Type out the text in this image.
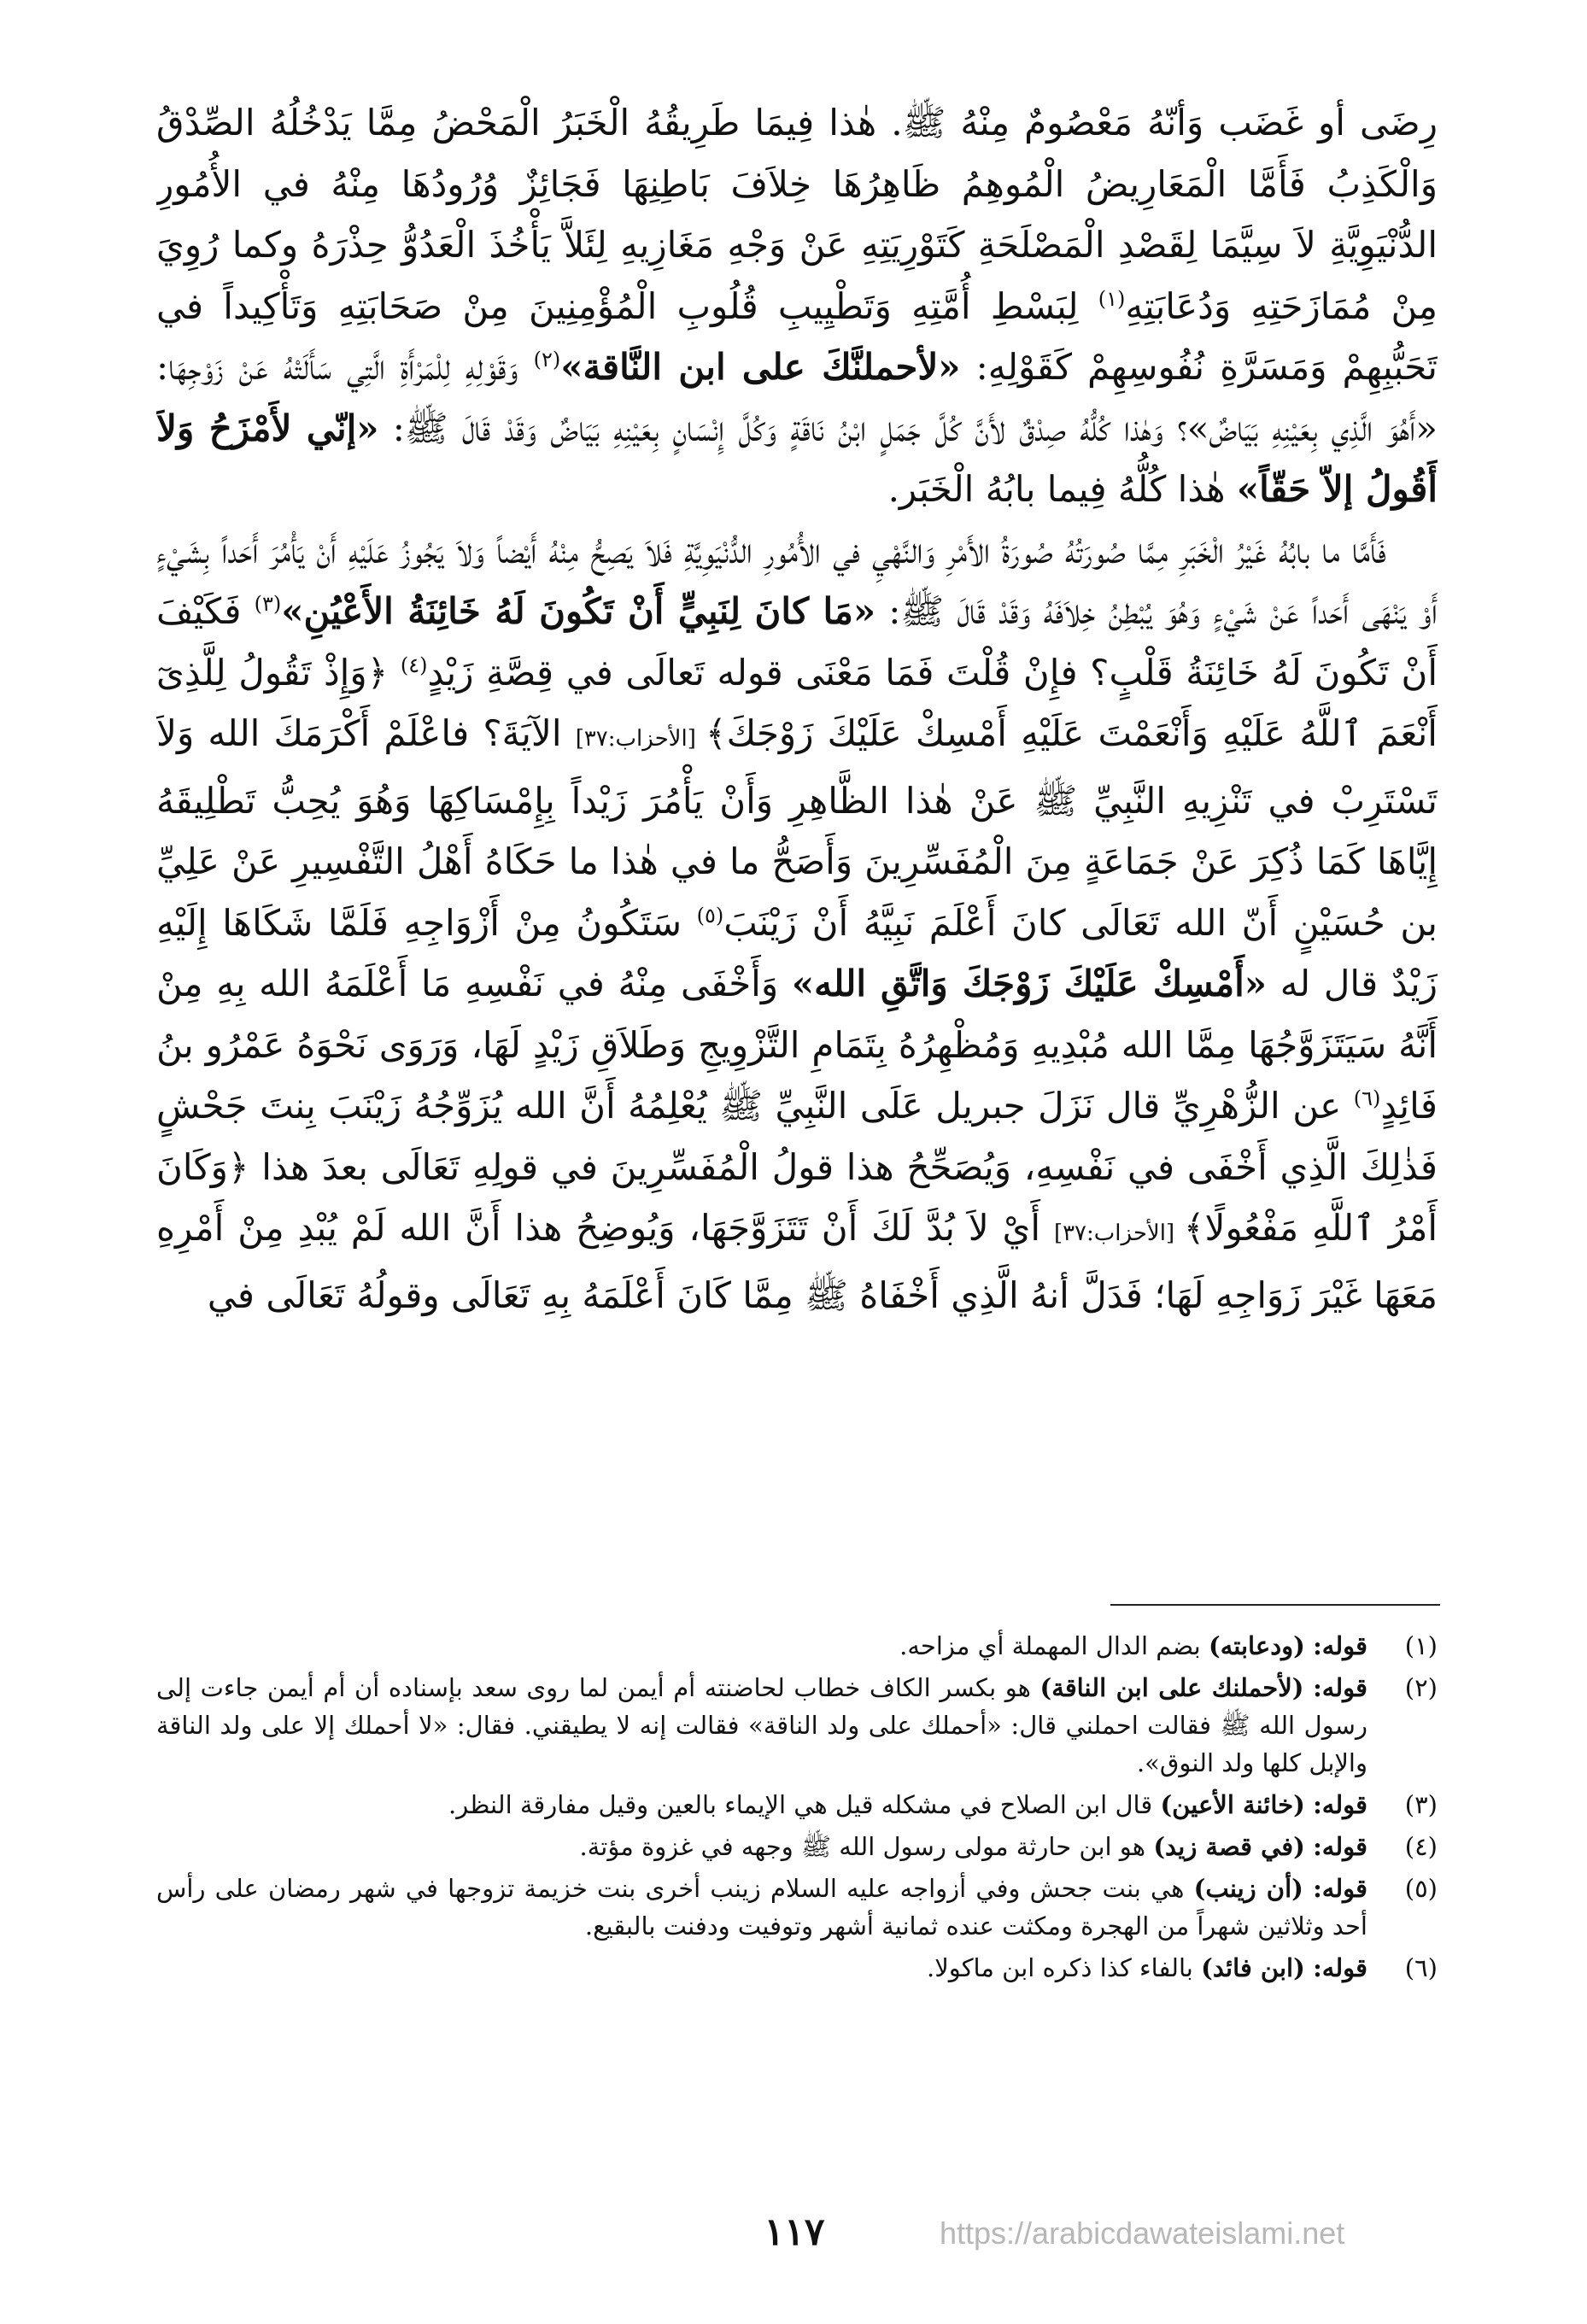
رِضَى أو غَضَب وَأنّهُ مَعْصُومٌ مِنْهُ ﷺ. هٰذا فِيمَا طَرِيقُهُ الْخَبَرُ الْمَحْضُ مِمَّا يَدْخُلُهُ الصِّدْقُ وَالْكَذِبُ فَأَمَّا الْمَعَارِيضُ الْمُوهِمُ ظَاهِرُهَا خِلاَفَ بَاطِنِهَا فَجَائِزٌ وُرُودُهَا مِنْهُ في الأُمُورِ الدُّنْيَوِيَّةِ لاَ سِيَّمَا لِقَصْدِ الْمَصْلَحَةِ كَتَوْرِيَتِهِ عَنْ وَجْهِ مَغَازِيهِ لِئَلاَّ يَأْخُذَ الْعَدُوُّ حِذْرَهُ وكما رُوِيَ مِنْ مُمَازَحَتِهِ وَدُعَابَتِهِ$^{(١)}$ لِبَسْطِ أُمَّتِهِ وَتَطْيِيبِ قُلُوبِ الْمُؤْمِنِينَ مِنْ صَحَابَتِهِ وَتَأْكِيداً في تَحَبُّبِهِمْ وَمَسَرَّةِ نُفُوسِهِمْ كَقَوْلِهِ: «لأحملنَّكَ على ابن النَّاقة»$^{(٢)}$ وَقَوْلِهِ لِلْمَرْأَةِ الَّتِي سَأَلَتْهُ عَنْ زَوْجِهَا: «أَهُوَ الَّذِي بِعَيْنِهِ بَيَاضٌ»؟ وَهٰذا كُلُّهُ صِدْقٌ لأَنَّ كُلَّ جَمَلٍ ابْنُ نَاقَةٍ وَكُلَّ إِنْسَانٍ بِعَيْنِهِ بَيَاضٌ وَقَدْ قَالَ ﷺ: «إنّي لأَمْزَحُ وَلاَ أَقُولُ إلاّ حَقّاً» هٰذا كُلُّهُ فِيما بابُهُ الْخَبَر.

فَأَمَّا ما بابُهُ غَيْرُ الْخَبَرِ مِمَّا صُورَتُهُ صُورَةُ الأَمْرِ وَالنَّهْيِ في الأُمُورِ الدُّنْيَوِيَّةِ فَلاَ يَصِحُّ مِنْهُ أَيْضاً وَلاَ يَجُوزُ عَلَيْهِ أَنْ يَأْمُرَ أَحَداً بِشَيْءٍ أَوْ يَنْهَى أَحَداً عَنْ شَيْءٍ وَهُوَ يُبْطِنُ خِلاَفَهُ وَقَدْ قَالَ ﷺ: «مَا كانَ لِنَبِيٍّ أَنْ تَكُونَ لَهُ خَائِنَةُ الأَعْيُنِ»$^{(٣)}$ فَكَيْفَ أَنْ تَكُونَ لَهُ خَائِنَةُ قَلْبٍ؟ فإِنْ قُلْتَ فَمَا مَعْنَى قوله تَعالَى في قِصَّةِ زَيْدٍ$^{(٤)}$ ﴿وَإِذْ تَقُولُ لِلَّذِىٓ أَنْعَمَ ٱللَّهُ عَلَيْهِ وَأَنْعَمْتَ عَلَيْهِ أَمْسِكْ عَلَيْكَ زَوْجَكَ﴾ [الأحزاب:٣٧] الآيَةَ؟ فاعْلَمْ أَكْرَمَكَ الله وَلاَ تَسْتَرِبْ في تَنْزِيهِ النَّبِيِّ ﷺ عَنْ هٰذا الظَّاهِرِ وَأَنْ يَأْمُرَ زَيْداً بِإِمْسَاكِهَا وَهُوَ يُحِبُّ تَطْلِيقَهُ إِيَّاهَا كَمَا ذُكِرَ عَنْ جَمَاعَةٍ مِنَ الْمُفَسِّرِينَ وَأَصَحُّ ما في هٰذا ما حَكَاهُ أَهْلُ التَّفْسِيرِ عَنْ عَلِيِّ بن حُسَيْنٍ أَنّ الله تَعَالَى كانَ أَعْلَمَ نَبِيَّهُ أَنْ زَيْنَبَ$^{(٥)}$ سَتَكُونُ مِنْ أَزْوَاجِهِ فَلَمَّا شَكَاهَا إِلَيْهِ زَيْدٌ قال له «أَمْسِكْ عَلَيْكَ زَوْجَكَ وَاتَّقِ الله» وَأَخْفَى مِنْهُ في نَفْسِهِ مَا أَعْلَمَهُ الله بِهِ مِنْ أَنَّهُ سَيَتَزَوَّجُهَا مِمَّا الله مُبْدِيهِ وَمُظْهِرُهُ بِتَمَامِ التَّزْوِيجِ وَطَلاَقِ زَيْدٍ لَهَا، وَرَوَى نَحْوَهُ عَمْرُو بنُ فَائِدٍ$^{(٦)}$ عن الزُّهْرِيِّ قال نَزَلَ جبريل عَلَى النَّبِيِّ ﷺ يُعْلِمُهُ أَنَّ الله يُزَوِّجُهُ زَيْنَبَ بِنتَ جَحْشٍ فَذٰلِكَ الَّذِي أَخْفَى في نَفْسِهِ، وَيُصَحِّحُ هذا قولُ الْمُفَسِّرِينَ في قولِهِ تَعَالَى بعدَ هذا ﴿وَكَانَ أَمْرُ ٱللَّهِ مَفْعُولًا﴾ [الأحزاب:٣٧] أَيْ لاَ بُدَّ لَكَ أَنْ تَتَزَوَّجَهَا، وَيُوضِحُ هذا أَنَّ الله لَمْ يُبْدِ مِنْ أَمْرِهِ مَعَهَا غَيْرَ زَوَاجِهِ لَهَا؛ فَدَلَّ أنهُ الَّذِي أَخْفَاهُ ﷺ مِمَّا كَانَ أَعْلَمَهُ بِهِ تَعَالَى وقولُهُ تَعَالَى في

(١)
قوله: (ودعابته) بضم الدال المهملة أي مزاحه.
(٢)
قوله: (لأحملنك على ابن الناقة) هو بكسر الكاف خطاب لحاضنته أم أيمن لما روى سعد بإسناده أن أم أيمن جاءت إلى رسول الله ﷺ فقالت احملني قال: «أحملك على ولد الناقة» فقالت إنه لا يطيقني. فقال: «لا أحملك إلا على ولد الناقة والإبل كلها ولد النوق».
(٣)
قوله: (خائنة الأعين) قال ابن الصلاح في مشكله قيل هي الإيماء بالعين وقيل مفارقة النظر.
(٤)
قوله: (في قصة زيد) هو ابن حارثة مولى رسول الله ﷺ وجهه في غزوة مؤتة.
(٥)
قوله: (أن زينب) هي بنت جحش وفي أزواجه عليه السلام زينب أخرى بنت خزيمة تزوجها في شهر رمضان على رأس أحد وثلاثين شهراً من الهجرة ومكثت عنده ثمانية أشهر وتوفيت ودفنت بالبقيع.
(٦)
قوله: (ابن فائد) بالفاء كذا ذكره ابن ماكولا.
١١٧	https://arabicdawateislami.net
